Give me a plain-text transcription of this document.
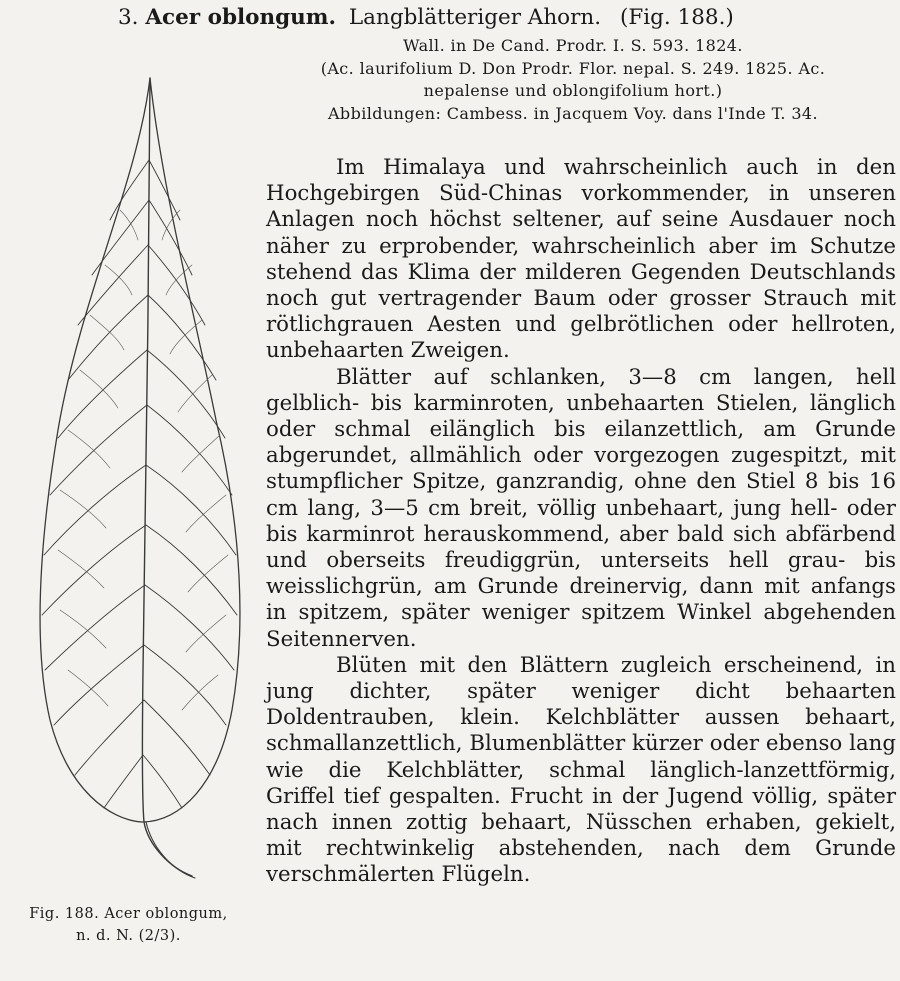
3. Acer oblongum. Langblätteriger Ahorn. (Fig. 188.)
Wall. in De Cand. Prodr. I. S. 593. 1824.
(Ac. laurifolium D. Don Prodr. Flor. nepal. S. 249. 1825. Ac.
nepalense und oblongifolium hort.)
Abbildungen: Cambess. in Jacquem Voy. dans l'Inde T. 34.

Im Himalaya und wahrscheinlich auch in den Hochgebirgen Süd-Chinas vorkommender, in unseren Anlagen noch höchst seltener, auf seine Ausdauer noch näher zu erprobender, wahrscheinlich aber im Schutze stehend das Klima der milderen Gegenden Deutschlands noch gut vertragender Baum oder grosser Strauch mit rötlichgrauen Aesten und gelbrötlichen oder hellroten, unbehaarten Zweigen.

Blätter auf schlanken, 3—8 cm langen, hell gelblich- bis karminroten, unbehaarten Stielen, länglich oder schmal eilänglich bis eilanzettlich, am Grunde abgerundet, allmählich oder vorgezogen zugespitzt, mit stumpflicher Spitze, ganzrandig, ohne den Stiel 8 bis 16 cm lang, 3—5 cm breit, völlig unbehaart, jung hell- oder bis karminrot herauskommend, aber bald sich abfärbend und oberseits freudiggrün, unterseits hell grau- bis weisslichgrün, am Grunde dreinervig, dann mit anfangs in spitzem, später weniger spitzem Winkel abgehenden Seitennerven.

Blüten mit den Blättern zugleich erscheinend, in jung dichter, später weniger dicht behaarten Doldentrauben, klein. Kelchblätter aussen behaart, schmallanzettlich, Blumenblätter kürzer oder ebenso lang wie die Kelchblätter, schmal länglich-lanzettförmig, Griffel tief gespalten. Frucht in der Jugend völlig, später nach innen zottig behaart, Nüsschen erhaben, gekielt, mit rechtwinkelig abstehenden, nach dem Grunde verschmälerten Flügeln.

Fig. 188. Acer oblongum,
n. d. N. (2/3).
